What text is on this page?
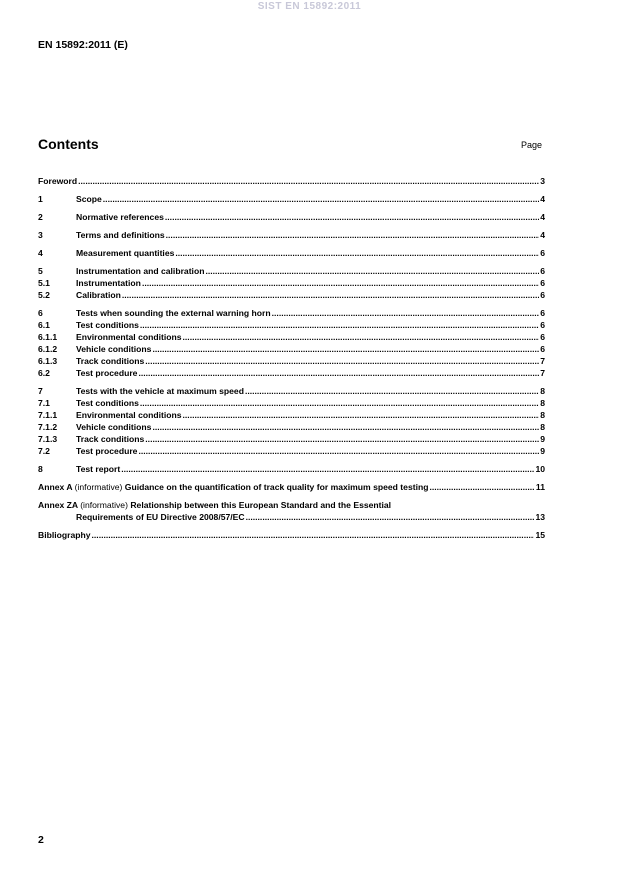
SIST EN 15892:2011
EN 15892:2011 (E)
Contents	Page
Foreword .....	3
1	Scope .....	4
2	Normative references .....	4
3	Terms and definitions .....	4
4	Measurement quantities .....	6
5	Instrumentation and calibration .....	6
5.1	Instrumentation .....	6
5.2	Calibration .....	6
6	Tests when sounding the external warning horn .....	6
6.1	Test conditions .....	6
6.1.1	Environmental conditions .....	6
6.1.2	Vehicle conditions .....	6
6.1.3	Track conditions .....	7
6.2	Test procedure .....	7
7	Tests with the vehicle at maximum speed .....	8
7.1	Test conditions .....	8
7.1.1	Environmental conditions .....	8
7.1.2	Vehicle conditions .....	8
7.1.3	Track conditions .....	9
7.2	Test procedure .....	9
8	Test report .....	10
Annex A (informative) Guidance on the quantification of track quality for maximum speed testing .....	11
Annex ZA (informative) Relationship between this European Standard and the Essential
Requirements of EU Directive 2008/57/EC .....	13
Bibliography .....	15
2
